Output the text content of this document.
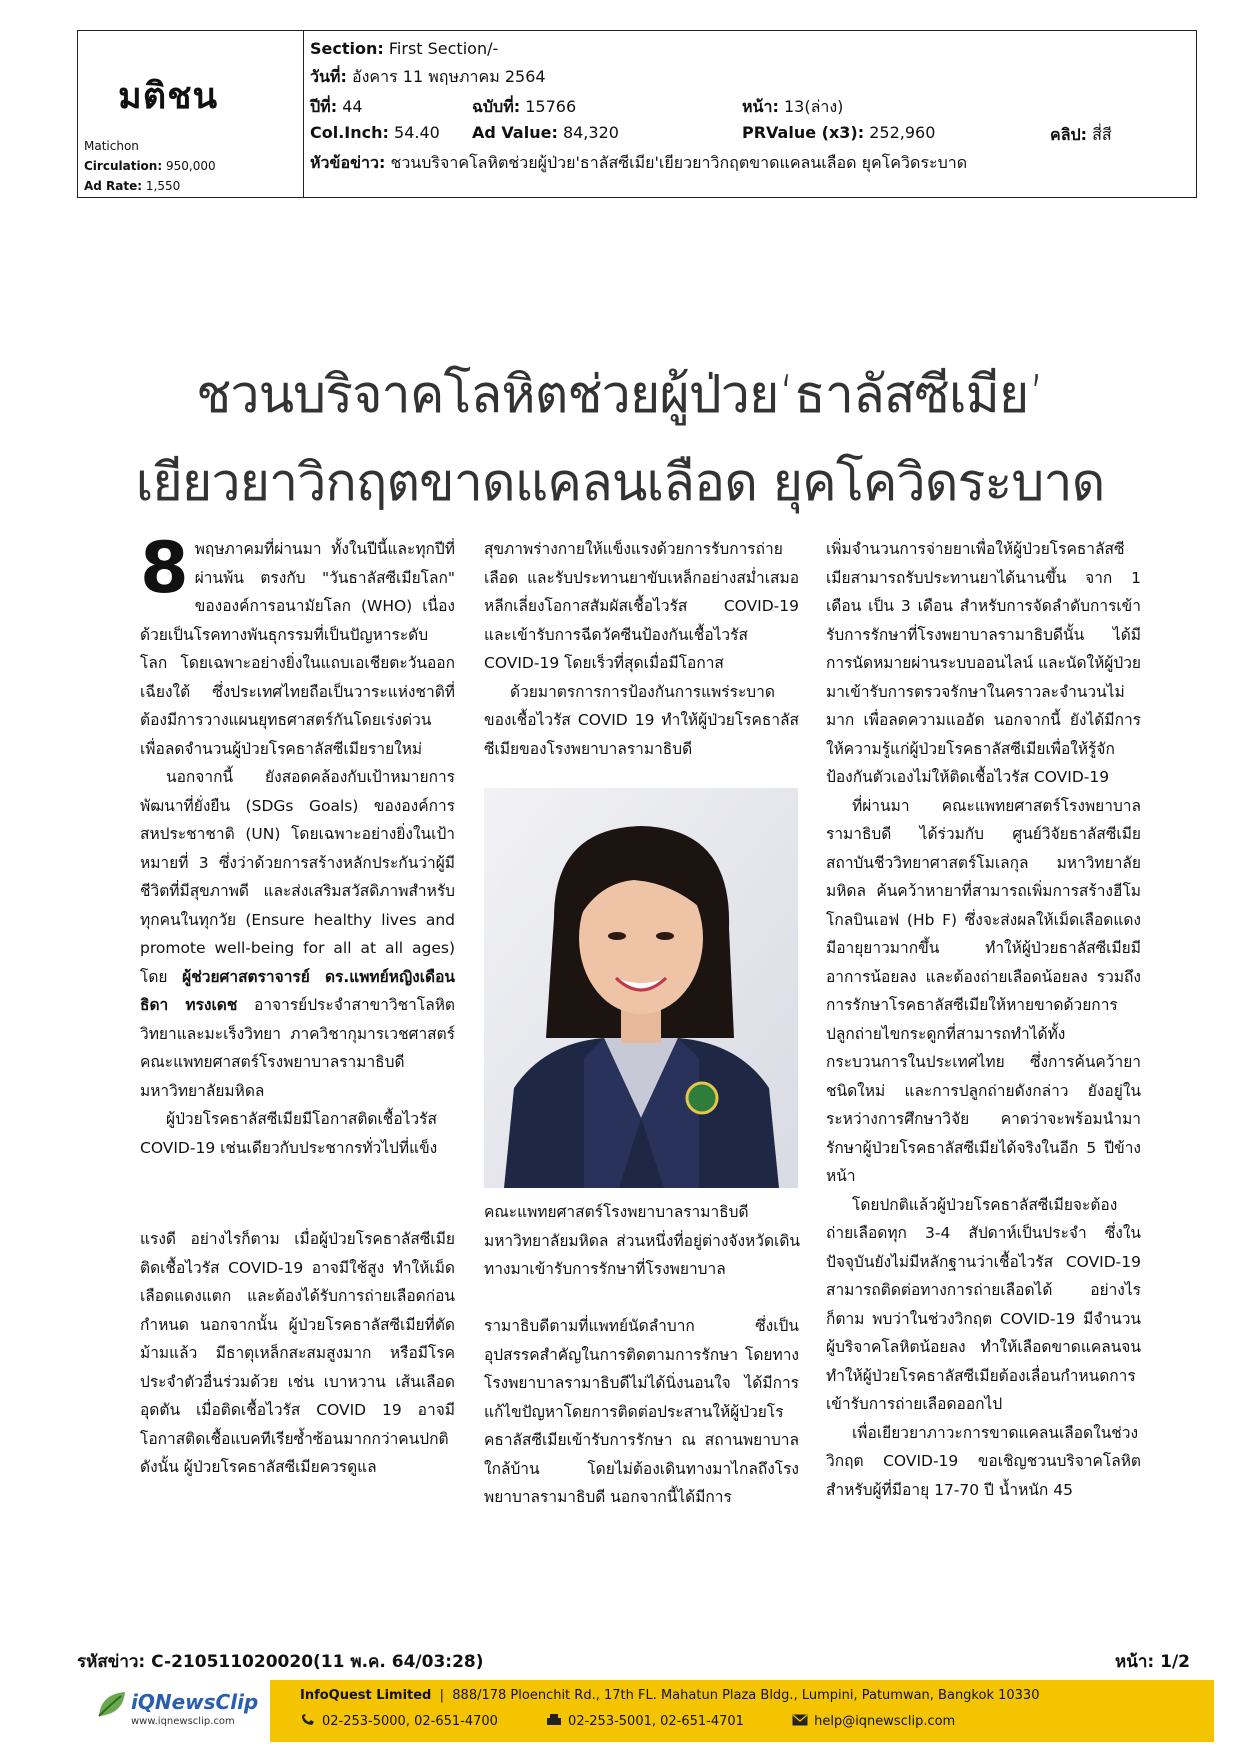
มติชน
Matichon
Circulation: 950,000
Ad Rate: 1,550
Section: First Section/-
วันที่: อังคาร 11 พฤษภาคม 2564
ปีที่: 44	ฉบับที่: 15766	หน้า: 13(ล่าง)
Col.Inch: 54.40 Ad Value: 84,320	PRValue (x3): 252,960	คลิป: สี่สี
หัวข้อข่าว: ชวนบริจาคโลหิตช่วยผู้ป่วย'ธาลัสซีเมีย'เยียวยาวิกฤตขาดแคลนเลือด ยุคโควิดระบาด
ชวนบริจาคโลหิตช่วยผู้ป่วย‘ธาลัสซีเมีย’
เยียวยาวิกฤตขาดแคลนเลือด ยุคโควิดระบาด

8 พฤษภาคมที่ผ่านมา ทั้งในปีนี้และทุกปีที่ผ่านพ้น ตรงกับ "วันธาลัสซีเมียโลก" ขององค์การอนามัยโลก (WHO) เนื่องด้วยเป็นโรคทางพันธุกรรมที่เป็นปัญหาระดับโลก โดยเฉพาะอย่างยิ่งในแถบเอเชียตะวันออกเฉียงใต้ ซึ่งประเทศไทยถือเป็นวาระแห่งชาติที่ต้องมีการวางแผนยุทธศาสตร์กันโดยเร่งด่วน เพื่อลดจำนวนผู้ป่วยโรคธาลัสซีเมียรายใหม่

นอกจากนี้ ยังสอดคล้องกับเป้าหมายการพัฒนาที่ยั่งยืน (SDGs Goals) ขององค์การสหประชาชาติ (UN) โดยเฉพาะอย่างยิ่งในเป้าหมายที่ 3 ซึ่งว่าด้วยการสร้างหลักประกันว่าผู้มีชีวิตที่มีสุขภาพดี และส่งเสริมสวัสดิภาพสำหรับทุกคนในทุกวัย (Ensure healthy lives and promote well-being for all at all ages) โดย ผู้ช่วยศาสตราจารย์ ดร.แพทย์หญิงเดือนธิดา ทรงเดช อาจารย์ประจำสาขาวิชาโลหิตวิทยาและมะเร็งวิทยา ภาควิชากุมารเวชศาสตร์ คณะแพทยศาสตร์โรงพยาบาลรามาธิบดี มหาวิทยาลัยมหิดล

ผู้ป่วยโรคธาลัสซีเมียมีโอกาสติดเชื้อไวรัส COVID-19 เช่นเดียวกับประชากรทั่วไปที่แข็ง

แรงดี อย่างไรก็ตาม เมื่อผู้ป่วยโรคธาลัสซีเมียติดเชื้อไวรัส COVID-19 อาจมีใช้สูง ทำให้เม็ดเลือดแดงแตก และต้องได้รับการถ่ายเลือดก่อนกำหนด นอกจากนั้น ผู้ป่วยโรคธาลัสซีเมียที่ตัดม้ามแล้ว มีธาตุเหล็กสะสมสูงมาก หรือมีโรคประจำตัวอื่นร่วมด้วย เช่น เบาหวาน เส้นเลือดอุดตัน เมื่อติดเชื้อไวรัส COVID 19 อาจมีโอกาสติดเชื้อแบคทีเรียซ้ำซ้อนมากกว่าคนปกติ ดังนั้น ผู้ป่วยโรคธาลัสซีเมียควรดูแล

สุขภาพร่างกายให้แข็งแรงด้วยการรับการถ่ายเลือด และรับประทานยาขับเหล็กอย่างสม่ำเสมอ หลีกเลี่ยงโอกาสสัมผัสเชื้อไวรัส COVID-19 และเข้ารับการฉีดวัคซีนป้องกันเชื้อไวรัส COVID-19 โดยเร็วที่สุดเมื่อมีโอกาส

ด้วยมาตรการการป้องกันการแพร่ระบาดของเชื้อไวรัส COVID 19 ทำให้ผู้ป่วยโรคธาลัสซีเมียของโรงพยาบาลรามาธิบดี

คณะแพทยศาสตร์โรงพยาบาลรามาธิบดี มหาวิทยาลัยมหิดล ส่วนหนึ่งที่อยู่ต่างจังหวัดเดินทางมาเข้ารับการรักษาที่โรงพยาบาล

รามาธิบดีตามที่แพทย์นัดลำบาก ซึ่งเป็นอุปสรรคสำคัญในการติดตามการรักษา โดยทางโรงพยาบาลรามาธิบดีไม่ได้นิ่งนอนใจ ได้มีการแก้ไขปัญหาโดยการติดต่อประสานให้ผู้ป่วยโรคธาลัสซีเมียเข้ารับการรักษา ณ สถานพยาบาลใกล้บ้าน โดยไม่ต้องเดินทางมาไกลถึงโรงพยาบาลรามาธิบดี นอกจากนี้ได้มีการ

เพิ่มจำนวนการจ่ายยาเพื่อให้ผู้ป่วยโรคธาลัสซีเมียสามารถรับประทานยาได้นานขึ้น จาก 1 เดือน เป็น 3 เดือน สำหรับการจัดลำดับการเข้ารับการรักษาที่โรงพยาบาลรามาธิบดีนั้น ได้มีการนัดหมายผ่านระบบออนไลน์ และนัดให้ผู้ป่วยมาเข้ารับการตรวจรักษาในคราวละจำนวนไม่มาก เพื่อลดความแออัด นอกจากนี้ ยังได้มีการให้ความรู้แก่ผู้ป่วยโรคธาลัสซีเมียเพื่อให้รู้จักป้องกันตัวเองไม่ให้ติดเชื้อไวรัส COVID-19

ที่ผ่านมา คณะแพทยศาสตร์โรงพยาบาลรามาธิบดี ได้ร่วมกับ ศูนย์วิจัยธาลัสซีเมีย สถาบันชีววิทยาศาสตร์โมเลกุล มหาวิทยาลัยมหิดล ค้นคว้าหายาที่สามารถเพิ่มการสร้างฮีโมโกลบินเอฟ (Hb F) ซึ่งจะส่งผลให้เม็ดเลือดแดงมีอายุยาวมากขึ้น ทำให้ผู้ป่วยธาลัสซีเมียมีอาการน้อยลง และต้องถ่ายเลือดน้อยลง รวมถึงการรักษาโรคธาลัสซีเมียให้หายขาดด้วยการปลูกถ่ายไขกระดูกที่สามารถทำได้ทั้งกระบวนการในประเทศไทย ซึ่งการค้นคว้ายาชนิดใหม่ และการปลูกถ่ายดังกล่าว ยังอยู่ในระหว่างการศึกษาวิจัย คาดว่าจะพร้อมนำมารักษาผู้ป่วยโรคธาลัสซีเมียได้จริงในอีก 5 ปีข้างหน้า

โดยปกติแล้วผู้ป่วยโรคธาลัสซีเมียจะต้องถ่ายเลือดทุก 3-4 สัปดาห์เป็นประจำ ซึ่งในปัจจุบันยังไม่มีหลักฐานว่าเชื้อไวรัส COVID-19 สามารถติดต่อทางการถ่ายเลือดได้ อย่างไรก็ตาม พบว่าในช่วงวิกฤต COVID-19 มีจำนวนผู้บริจาคโลหิตน้อยลง ทำให้เลือดขาดแคลนจนทำให้ผู้ป่วยโรคธาลัสซีเมียต้องเลื่อนกำหนดการเข้ารับการถ่ายเลือดออกไป

เพื่อเยียวยาภาวะการขาดแคลนเลือดในช่วงวิกฤต COVID-19 ขอเชิญชวนบริจาคโลหิตสำหรับผู้ที่มีอายุ 17-70 ปี น้ำหนัก 45

รหัสข่าว: C-210511020020(11 พ.ค. 64/03:28)	หน้า: 1/2
iQNewsClip
www.iqnewsclip.com
InfoQuest Limited  |  888/178 Ploenchit Rd., 17th FL. Mahatun Plaza Bldg., Lumpini, Patumwan, Bangkok 10330
02-253-5000, 02-651-4700	02-253-5001, 02-651-4701	help@iqnewsclip.com
